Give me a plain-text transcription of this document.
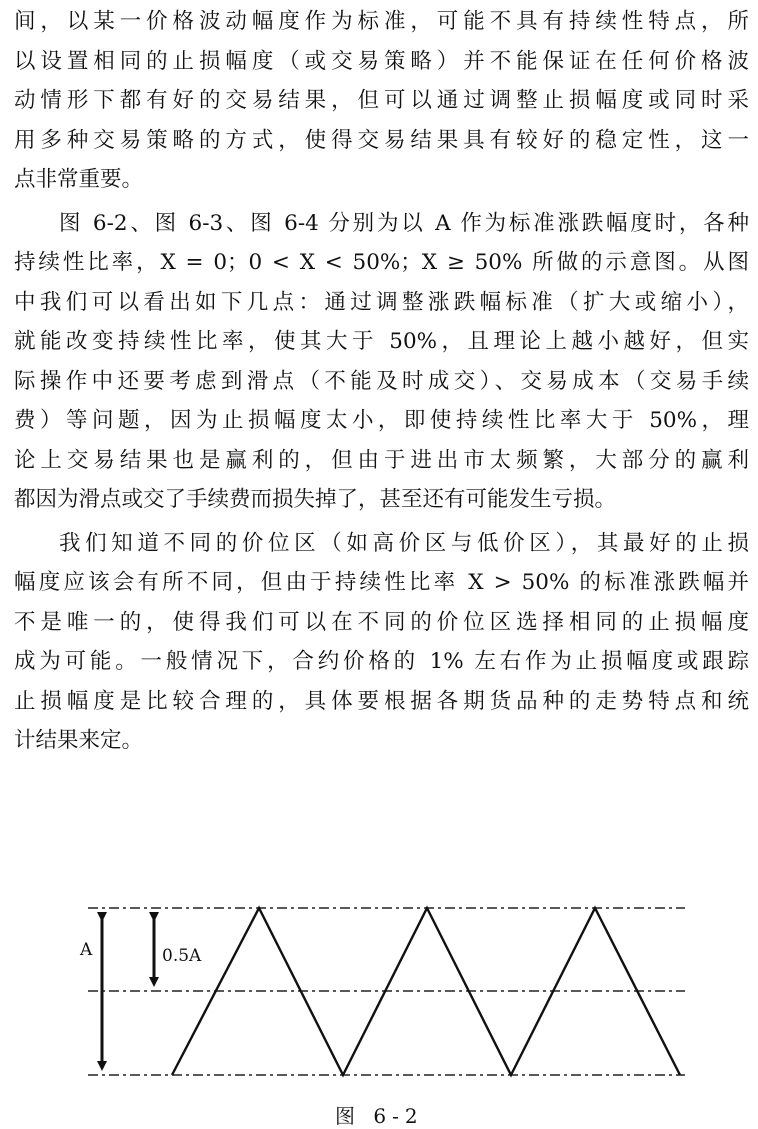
间，以某一价格波动幅度作为标准，可能不具有持续性特点，所

以设置相同的止损幅度（或交易策略）并不能保证在任何价格波

动情形下都有好的交易结果，但可以通过调整止损幅度或同时采

用多种交易策略的方式，使得交易结果具有较好的稳定性，这一

点非常重要。

图 6-2、图 6-3、图 6-4 分别为以 A 作为标准涨跌幅度时，各种

持续性比率，X = 0；0 < X < 50%；X ≥ 50% 所做的示意图。从图

中我们可以看出如下几点：通过调整涨跌幅标准（扩大或缩小），

就能改变持续性比率，使其大于 50%，且理论上越小越好，但实

际操作中还要考虑到滑点（不能及时成交）、交易成本（交易手续

费）等问题，因为止损幅度太小，即使持续性比率大于 50%，理

论上交易结果也是赢利的，但由于进出市太频繁，大部分的赢利

都因为滑点或交了手续费而损失掉了，甚至还有可能发生亏损。

我们知道不同的价位区（如高价区与低价区），其最好的止损

幅度应该会有所不同，但由于持续性比率 X > 50% 的标准涨跌幅并

不是唯一的，使得我们可以在不同的价位区选择相同的止损幅度

成为可能。一般情况下，合约价格的 1% 左右作为止损幅度或跟踪

止损幅度是比较合理的，具体要根据各期货品种的走势特点和统

计结果来定。

A	0.5A
图 6-2
